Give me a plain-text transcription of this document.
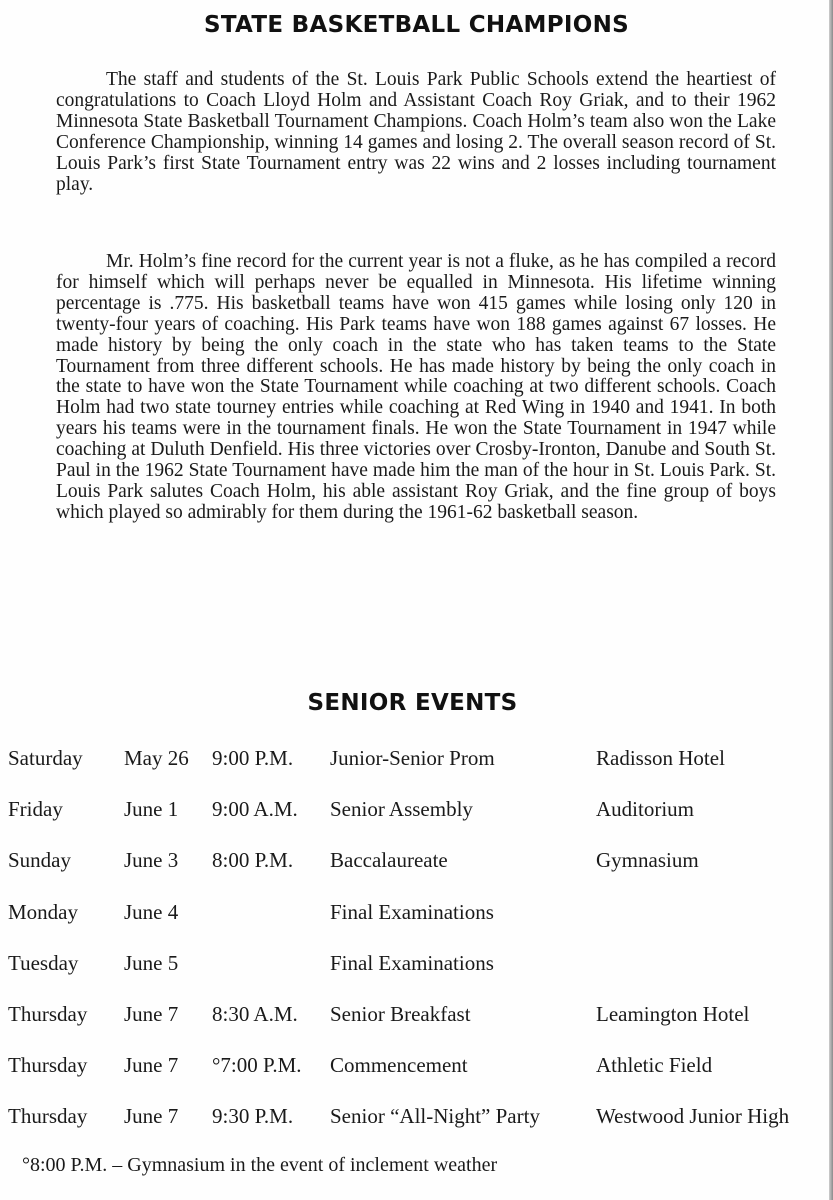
STATE BASKETBALL CHAMPIONS

The staff and students of the St. Louis Park Public Schools extend the heartiest of congratulations to Coach Lloyd Holm and Assistant Coach Roy Griak, and to their 1962 Minnesota State Basketball Tournament Champions. Coach Holm’s team also won the Lake Conference Championship, winning 14 games and losing 2. The overall season record of St. Louis Park’s first State Tournament entry was 22 wins and 2 losses including tournament play.

Mr. Holm’s fine record for the current year is not a fluke, as he has compiled a record for himself which will perhaps never be equalled in Minnesota. His lifetime winning percentage is .775. His basketball teams have won 415 games while losing only 120 in twenty-four years of coaching. His Park teams have won 188 games against 67 losses. He made history by being the only coach in the state who has taken teams to the State Tournament from three different schools. He has made history by being the only coach in the state to have won the State Tournament while coaching at two different schools. Coach Holm had two state tourney entries while coaching at Red Wing in 1940 and 1941. In both years his teams were in the tournament finals. He won the State Tournament in 1947 while coaching at Duluth Denfield. His three victories over Crosby-Ironton, Danube and South St. Paul in the 1962 State Tournament have made him the man of the hour in St. Louis Park. St. Louis Park salutes Coach Holm, his able assistant Roy Griak, and the fine group of boys which played so admirably for them during the 1961-62 basketball season.

SENIOR EVENTS
Saturday May 26 9:00 P.M. Junior-Senior Prom	Radisson Hotel
Friday	June 1 9:00 A.M. Senior Assembly	Auditorium
Sunday	June 3 8:00 P.M. Baccalaureate	Gymnasium
Monday June 4	Final Examinations
Tuesday June 5	Final Examinations
Thursday June 7 8:30 A.M. Senior Breakfast	Leamington Hotel
Thursday June 7 °7:00 P.M. Commencement	Athletic Field
Thursday June 7 9:30 P.M. Senior “All-Night” Party	Westwood Junior High
°8:00 P.M. – Gymnasium in the event of inclement weather
